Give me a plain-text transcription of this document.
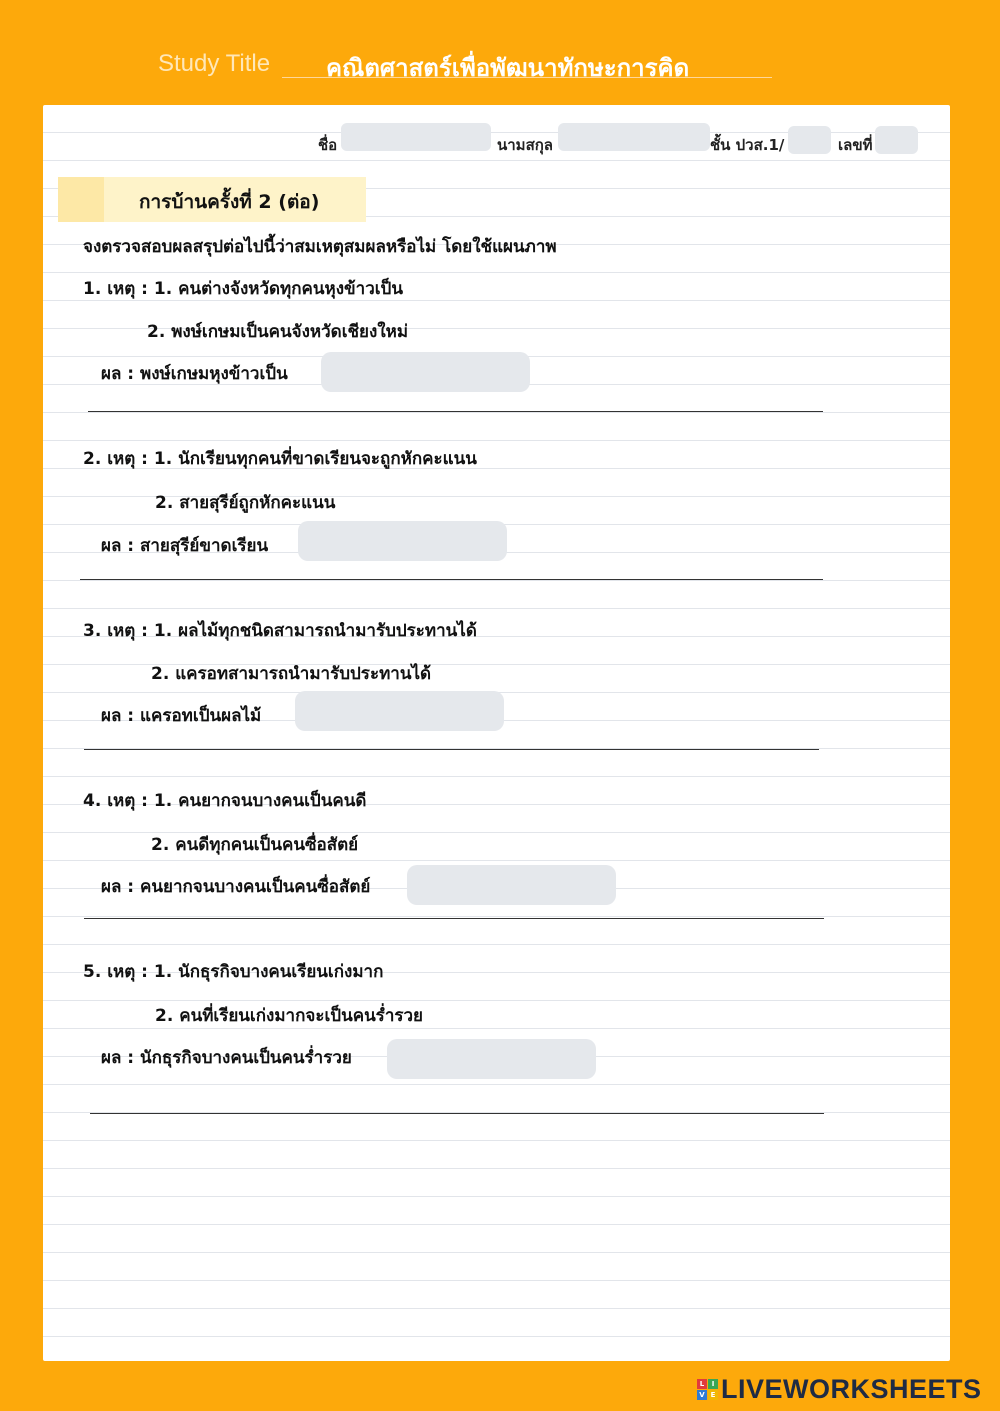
Study Title คณิตศาสตร์เพื่อพัฒนาทักษะการคิด
ชื่อ	นามสกุล	ชั้น ปวส.1/	เลขที่
การบ้านครั้งที่ 2 (ต่อ)
จงตรวจสอบผลสรุปต่อไปนี้ว่าสมเหตุสมผลหรือไม่ โดยใช้แผนภาพ
1. เหตุ : 1. คนต่างจังหวัดทุกคนหุงข้าวเป็น
2. พงษ์เกษมเป็นคนจังหวัดเชียงใหม่
ผล : พงษ์เกษมหุงข้าวเป็น
2. เหตุ : 1. นักเรียนทุกคนที่ขาดเรียนจะถูกหักคะแนน
2. สายสุรีย์ถูกหักคะแนน
ผล : สายสุรีย์ขาดเรียน
3. เหตุ : 1. ผลไม้ทุกชนิดสามารถนำมารับประทานได้
2. แครอทสามารถนำมารับประทานได้
ผล : แครอทเป็นผลไม้
4. เหตุ : 1. คนยากจนบางคนเป็นคนดี
2. คนดีทุกคนเป็นคนซื่อสัตย์
ผล : คนยากจนบางคนเป็นคนซื่อสัตย์
5. เหตุ : 1. นักธุรกิจบางคนเรียนเก่งมาก
2. คนที่เรียนเก่งมากจะเป็นคนร่ำรวย
ผล : นักธุรกิจบางคนเป็นคนร่ำรวย
L	I
V E LIVEWORKSHEETS
